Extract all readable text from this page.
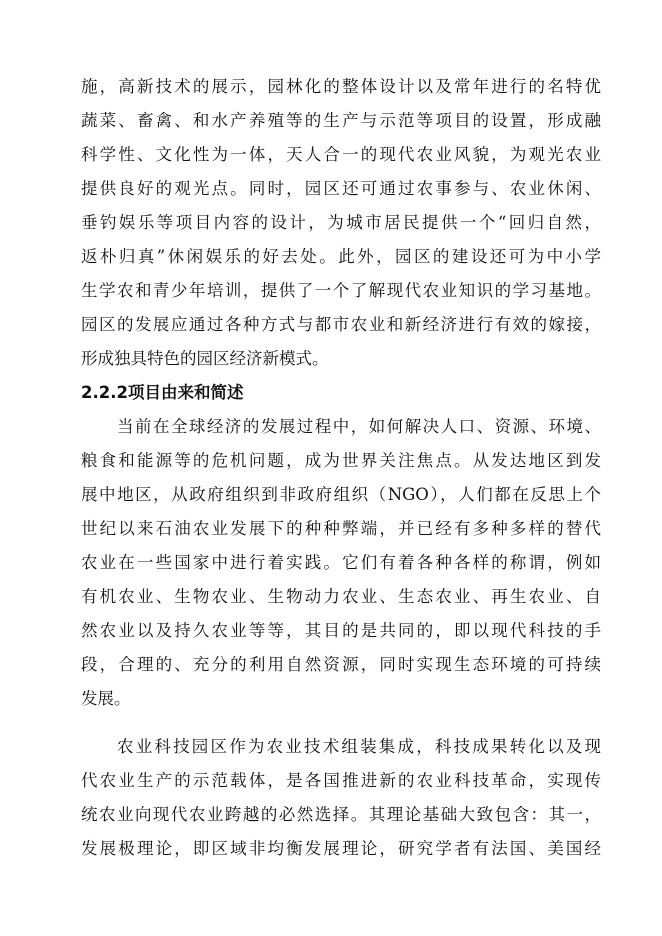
施，高新技术的展示，园林化的整体设计以及常年进行的名特优
蔬菜、畜禽、和水产养殖等的生产与示范等项目的设置，形成融
科学性、文化性为一体，天人合一的现代农业风貌，为观光农业
提供良好的观光点。同时，园区还可通过农事参与、农业休闲、
垂钓娱乐等项目内容的设计，为城市居民提供一个“回归自然，
返朴归真”休闲娱乐的好去处。此外，园区的建设还可为中小学
生学农和青少年培训，提供了一个了解现代农业知识的学习基地。
园区的发展应通过各种方式与都市农业和新经济进行有效的嫁接，
形成独具特色的园区经济新模式。
2.2.2项目由来和简述
当前在全球经济的发展过程中，如何解决人口、资源、环境、
粮食和能源等的危机问题，成为世界关注焦点。从发达地区到发
展中地区，从政府组织到非政府组织（NGO），人们都在反思上个
世纪以来石油农业发展下的种种弊端，并已经有多种多样的替代
农业在一些国家中进行着实践。它们有着各种各样的称谓，例如
有机农业、生物农业、生物动力农业、生态农业、再生农业、自
然农业以及持久农业等等，其目的是共同的，即以现代科技的手
段，合理的、充分的利用自然资源，同时实现生态环境的可持续
发展。
农业科技园区作为农业技术组装集成，科技成果转化以及现
代农业生产的示范载体，是各国推进新的农业科技革命，实现传
统农业向现代农业跨越的必然选择。其理论基础大致包含：其一，
发展极理论，即区域非均衡发展理论，研究学者有法国、美国经
